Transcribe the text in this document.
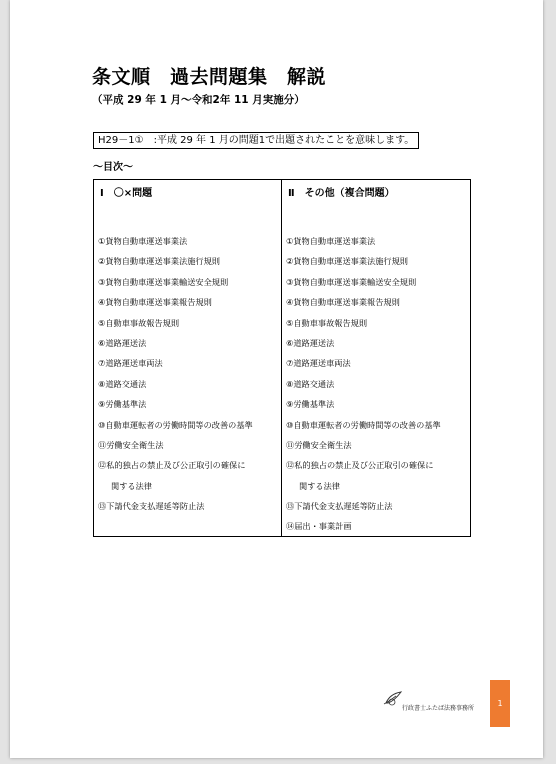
条文順　過去問題集　解説
（平成 29 年 1 月～令和2年 11 月実施分）
H29－1①　:平成 29 年 1 月の問題1で出題されたことを意味します。
～目次～
Ⅰ　〇×問題
①貨物自動車運送事業法
②貨物自動車運送事業法施行規則
③貨物自動車運送事業輸送安全規則
④貨物自動車運送事業報告規則
⑤自動車事故報告規則
⑥道路運送法
⑦道路運送車両法
⑧道路交通法
⑨労働基準法
⑩自動車運転者の労働時間等の改善の基準
⑪労働安全衛生法
⑫私的独占の禁止及び公正取引の確保に
関する法律
⑬下請代金支払遅延等防止法
Ⅱ　その他（複合問題）
①貨物自動車運送事業法
②貨物自動車運送事業法施行規則
③貨物自動車運送事業輸送安全規則
④貨物自動車運送事業報告規則
⑤自動車事故報告規則
⑥道路運送法
⑦道路運送車両法
⑧道路交通法
⑨労働基準法
⑩自動車運転者の労働時間等の改善の基準
⑪労働安全衛生法
⑫私的独占の禁止及び公正取引の確保に
関する法律
⑬下請代金支払遅延等防止法
⑭届出・事業計画
行政書士ふたば法務事務所
1
